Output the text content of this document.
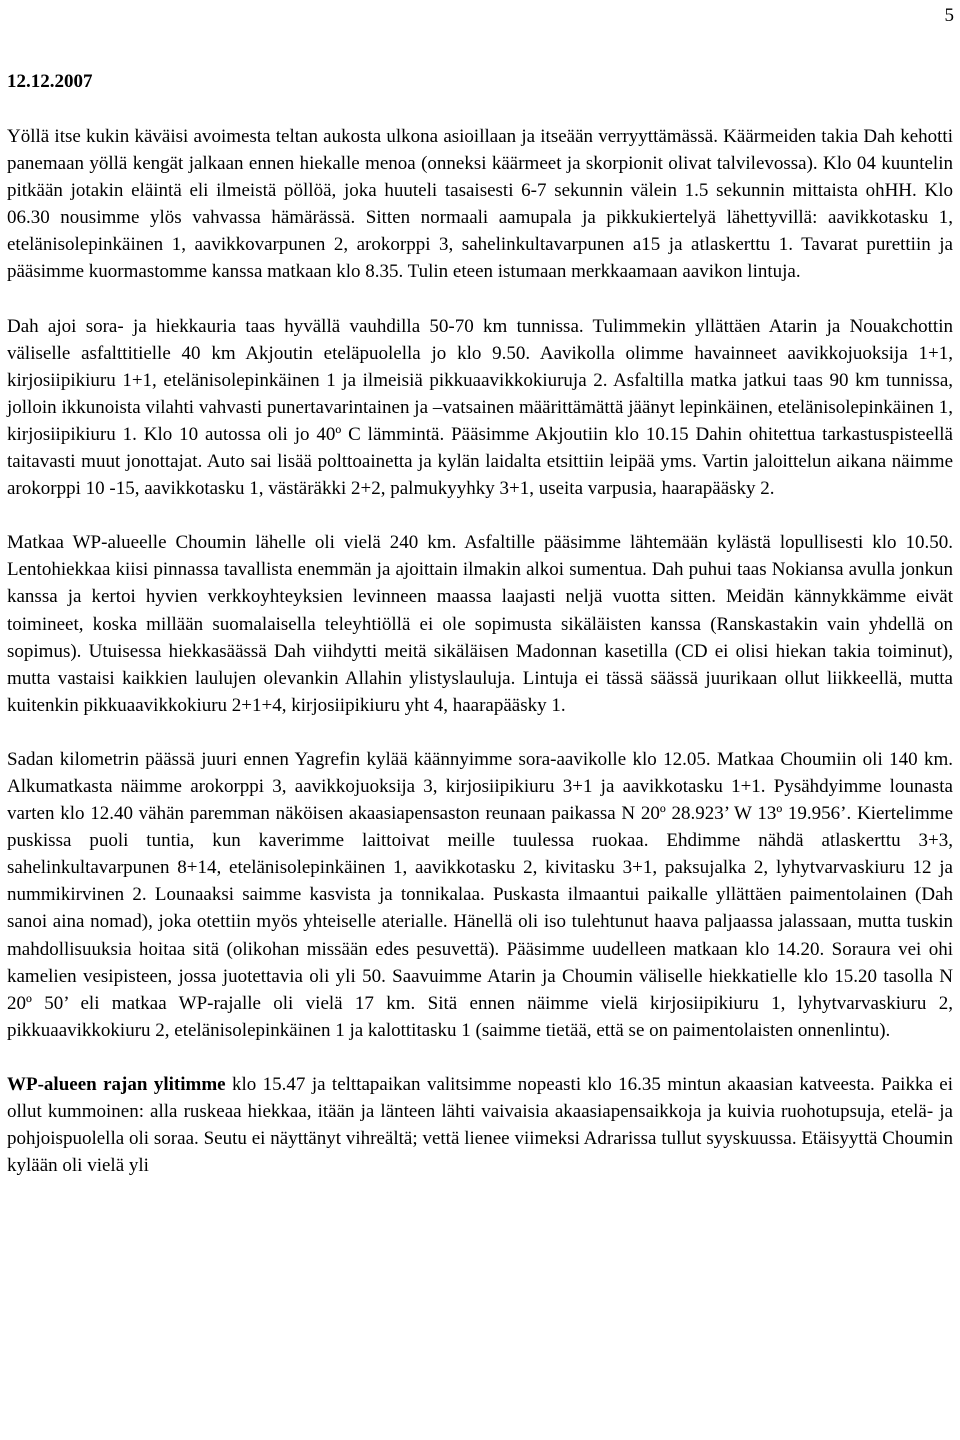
5
12.12.2007

Yöllä itse kukin käväisi avoimesta teltan aukosta ulkona asioillaan ja itseään verryyttämässä. Käärmeiden takia Dah kehotti panemaan yöllä kengät jalkaan ennen hiekalle menoa (onneksi käärmeet ja skorpionit olivat talvilevossa). Klo 04 kuuntelin pitkään jotakin eläintä eli ilmeistä pöllöä, joka huuteli tasaisesti 6-7 sekunnin välein 1.5 sekunnin mittaista ohHH. Klo 06.30 nousimme ylös vahvassa hämärässä. Sitten normaali aamupala ja pikkukiertelyä lähettyvillä: aavikkotasku 1, etelänisolepinkäinen 1, aavikkovarpunen 2, arokorppi 3, sahelinkultavarpunen a15 ja atlaskerttu 1. Tavarat purettiin ja pääsimme kuormastomme kanssa matkaan klo 8.35. Tulin eteen istumaan merkkaamaan aavikon lintuja.

Dah ajoi sora- ja hiekkauria taas hyvällä vauhdilla 50-70 km tunnissa. Tulimmekin yllättäen Atarin ja Nouakchottin väliselle asfalttitielle 40 km Akjoutin eteläpuolella jo klo 9.50. Aavikolla olimme havainneet aavikkojuoksija 1+1, kirjosiipikiuru 1+1, etelänisolepinkäinen 1 ja ilmeisiä pikkuaavikkokiuruja 2. Asfaltilla matka jatkui taas 90 km tunnissa, jolloin ikkunoista vilahti vahvasti punertavarintainen ja –vatsainen määrittämättä jäänyt lepinkäinen, etelänisolepinkäinen 1, kirjosiipikiuru 1. Klo 10 autossa oli jo 40º C lämmintä. Pääsimme Akjoutiin klo 10.15 Dahin ohitettua tarkastuspisteellä taitavasti muut jonottajat. Auto sai lisää polttoainetta ja kylän laidalta etsittiin leipää yms. Vartin jaloittelun aikana näimme arokorppi 10 -15, aavikkotasku 1, västäräkki 2+2, palmukyyhky 3+1, useita varpusia, haarapääsky 2.

Matkaa WP-alueelle Choumin lähelle oli vielä 240 km. Asfaltille pääsimme lähtemään kylästä lopullisesti klo 10.50. Lentohiekkaa kiisi pinnassa tavallista enemmän ja ajoittain ilmakin alkoi sumentua. Dah puhui taas Nokiansa avulla jonkun kanssa ja kertoi hyvien verkkoyhteyksien levinneen maassa laajasti neljä vuotta sitten. Meidän kännykkämme eivät toimineet, koska millään suomalaisella teleyhtiöllä ei ole sopimusta sikäläisten kanssa (Ranskastakin vain yhdellä on sopimus). Utuisessa hiekkasäässä Dah viihdytti meitä sikäläisen Madonnan kasetilla (CD ei olisi hiekan takia toiminut), mutta vastaisi kaikkien laulujen olevankin Allahin ylistyslauluja. Lintuja ei tässä säässä juurikaan ollut liikkeellä, mutta kuitenkin pikkuaavikkokiuru 2+1+4, kirjosiipikiuru yht 4, haarapääsky 1.

Sadan kilometrin päässä juuri ennen Yagrefin kylää käännyimme sora-aavikolle klo 12.05. Matkaa Choumiin oli 140 km. Alkumatkasta näimme arokorppi 3, aavikkojuoksija 3, kirjosiipikiuru 3+1 ja aavikkotasku 1+1. Pysähdyimme lounasta varten klo 12.40 vähän paremman näköisen akaasiapensaston reunaan paikassa N 20º 28.923’ W 13º 19.956’. Kiertelimme puskissa puoli tuntia, kun kaverimme laittoivat meille tuulessa ruokaa. Ehdimme nähdä atlaskerttu 3+3, sahelinkultavarpunen 8+14, etelänisolepinkäinen 1, aavikkotasku 2, kivitasku 3+1, paksujalka 2, lyhytvarvaskiuru 12 ja nummikirvinen 2. Lounaaksi saimme kasvista ja tonnikalaa. Puskasta ilmaantui paikalle yllättäen paimentolainen (Dah sanoi aina nomad), joka otettiin myös yhteiselle aterialle. Hänellä oli iso tulehtunut haava paljaassa jalassaan, mutta tuskin mahdollisuuksia hoitaa sitä (olikohan missään edes pesuvettä). Pääsimme uudelleen matkaan klo 14.20. Soraura vei ohi kamelien vesipisteen, jossa juotettavia oli yli 50. Saavuimme Atarin ja Choumin väliselle hiekkatielle klo 15.20 tasolla N 20º 50’ eli matkaa WP-rajalle oli vielä 17 km. Sitä ennen näimme vielä kirjosiipikiuru 1, lyhytvarvaskiuru 2, pikkuaavikkokiuru 2, etelänisolepinkäinen 1 ja kalottitasku 1 (saimme tietää, että se on paimentolaisten onnenlintu).

WP-alueen rajan ylitimme klo 15.47 ja telttapaikan valitsimme nopeasti klo 16.35 mintun akaasian katveesta. Paikka ei ollut kummoinen: alla ruskeaa hiekkaa, itään ja länteen lähti vaivaisia akaasiapensaikkoja ja kuivia ruohotupsuja, etelä- ja pohjoispuolella oli soraa. Seutu ei näyttänyt vihreältä; vettä lienee viimeksi Adrarissa tullut syyskuussa. Etäisyyttä Choumin kylään oli vielä yli
